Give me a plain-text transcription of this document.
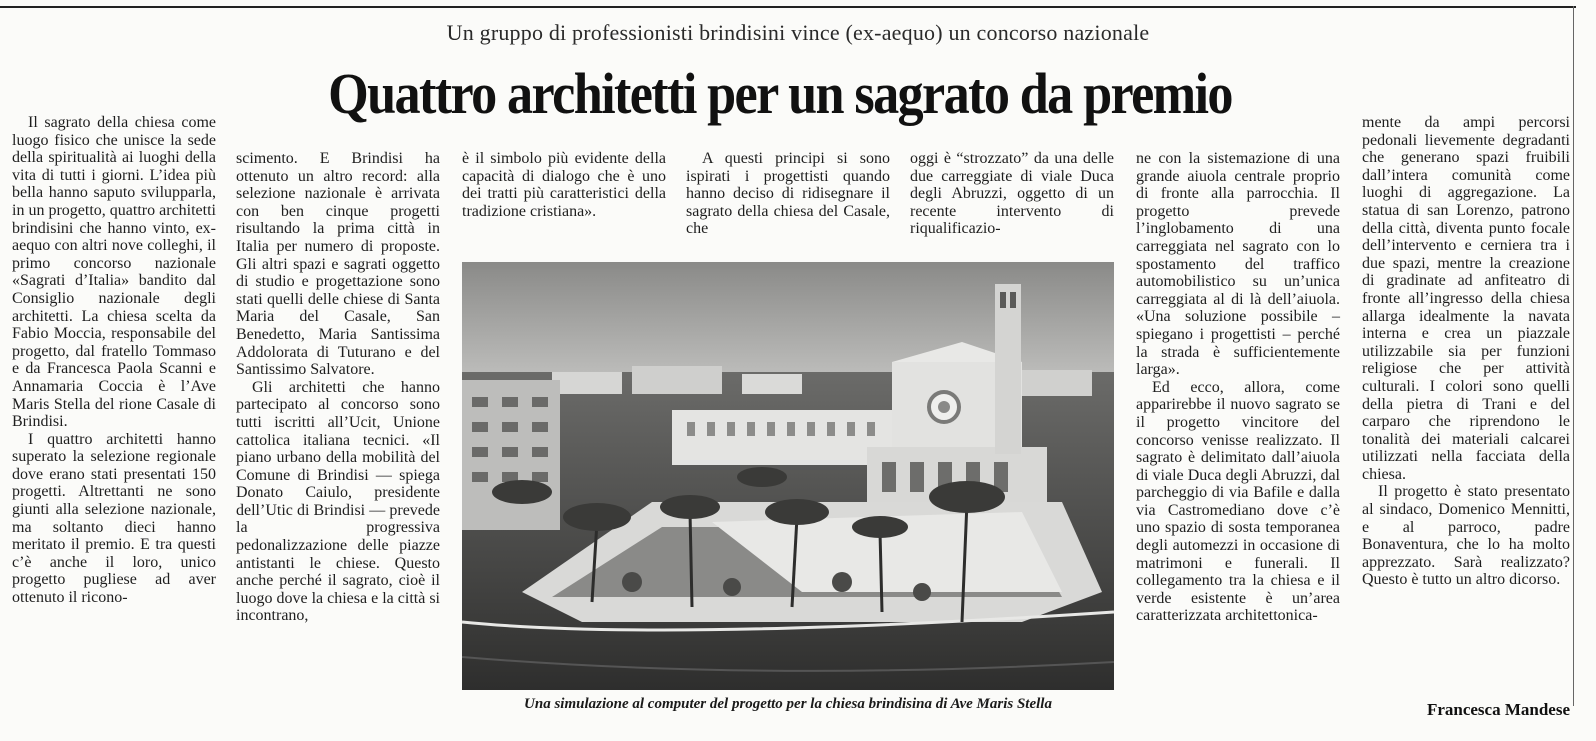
Un gruppo di professionisti brindisini vince (ex-aequo) un concorso nazionale
Quattro architetti per un sagrato da premio

Il sagrato della chiesa come luogo fisico che unisce la sede della spiritualità ai luoghi della vita di tutti i giorni. L’idea più bella hanno saputo svilupparla, in un progetto, quattro architetti brindisini che hanno vinto, ex-aequo con altri nove colleghi, il primo concorso nazionale «Sagrati d’Italia» bandito dal Consiglio nazionale degli architetti. La chiesa scelta da Fabio Moccia, responsabile del progetto, dal fratello Tommaso e da Francesca Paola Scanni e Annamaria Coccia è l’Ave Maris Stella del rione Casale di Brindisi.

I quattro architetti hanno superato la selezione regionale dove erano stati presentati 150 progetti. Altrettanti ne sono giunti alla selezione nazionale, ma soltanto dieci hanno meritato il premio. E tra questi c’è anche il loro, unico progetto pugliese ad aver ottenuto il ricono-

scimento. E Brindisi ha ottenuto un altro record: alla selezione nazionale è arrivata con ben cinque progetti risultando la prima città in Italia per numero di proposte. Gli altri spazi e sagrati oggetto di studio e progettazione sono stati quelli delle chiese di Santa Maria del Casale, San Benedetto, Maria Santissima Addolorata di Tuturano e del Santissimo Salvatore.

Gli architetti che hanno partecipato al concorso sono tutti iscritti all’Ucit, Unione cattolica italiana tecnici. «Il piano urbano della mobilità del Comune di Brindisi — spiega Donato Caiulo, presidente dell’Utic di Brindisi — prevede la progressiva pedonalizzazione delle piazze antistanti le chiese. Questo anche perché il sagrato, cioè il luogo dove la chiesa e la città si incontrano,

è il simbolo più evidente della capacità di dialogo che è uno dei tratti più caratteristici della tradizione cristiana».

A questi principi si sono ispirati i progettisti quando hanno deciso di ridisegnare il sagrato della chiesa del Casale, che

oggi è “strozzato” da una delle due carreggiate di viale Duca degli Abruzzi, oggetto di un recente intervento di riqualificazio-

ne con la sistemazione di una grande aiuola centrale proprio di fronte alla parrocchia. Il progetto prevede l’inglobamento di una carreggiata nel sagrato con lo spostamento del traffico automobilistico su un’unica carreggiata al di là dell’aiuola. «Una soluzione possibile – spiegano i progettisti – perché la strada è sufficientemente larga».

Ed ecco, allora, come apparirebbe il nuovo sagrato se il progetto vincitore del concorso venisse realizzato. Il sagrato è delimitato dall’aiuola di viale Duca degli Abruzzi, dal parcheggio di via Bafile e dalla via Castromediano dove c’è uno spazio di sosta temporanea degli automezzi in occasione di matrimoni e funerali. Il collegamento tra la chiesa e il verde esistente è un’area caratterizzata architettonica-

mente da ampi percorsi pedonali lievemente degradanti che generano spazi fruibili dall’intera comunità come luoghi di aggregazione. La statua di san Lorenzo, patrono della città, diventa punto focale dell’intervento e cerniera tra i due spazi, mentre la creazione di gradinate ad anfiteatro di fronte all’ingresso della chiesa allarga idealmente la navata interna e crea un piazzale utilizzabile sia per funzioni religiose che per attività culturali. I colori sono quelli della pietra di Trani e del carparo che riprendono le tonalità dei materiali calcarei utilizzati nella facciata della chiesa.

Il progetto è stato presentato al sindaco, Domenico Mennitti, e al parroco, padre Bonaventura, che lo ha molto apprezzato. Sarà realizzato? Questo è tutto un altro dicorso.

Una simulazione al computer del progetto per la chiesa brindisina di Ave Maris Stella	Francesca Mandese
